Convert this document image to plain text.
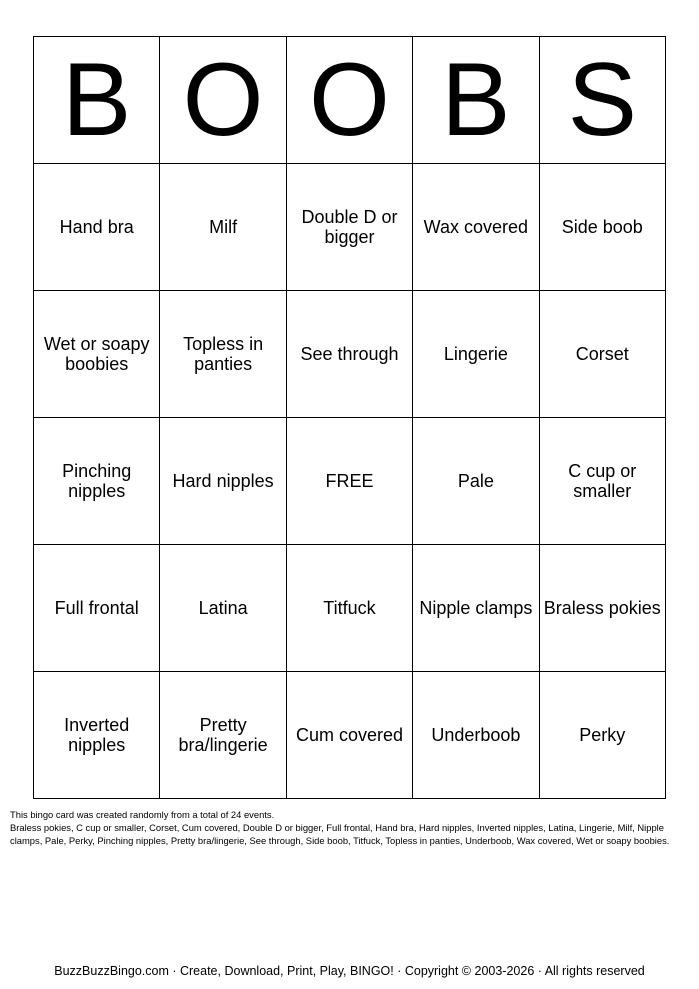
B	O	O	B	S
Hand bra	Milf	Double D or bigger	Wax covered	Side boob
Wet or soapy boobies	Topless in panties	See through	Lingerie	Corset
Pinching nipples	Hard nipples	FREE	Pale	C cup or smaller
Full frontal	Latina	Titfuck	Nipple clamps	Braless pokies
Inverted nipples	Pretty bra/lingerie	Cum covered	Underboob	Perky

This bingo card was created randomly from a total of 24 events.

Braless pokies, C cup or smaller, Corset, Cum covered, Double D or bigger, Full frontal, Hand bra, Hard nipples, Inverted nipples, Latina, Lingerie, Milf, Nipple clamps, Pale, Perky, Pinching nipples, Pretty bra/lingerie, See through, Side boob, Titfuck, Topless in panties, Underboob, Wax covered, Wet or soapy boobies.

BuzzBuzzBingo.com · Create, Download, Print, Play, BINGO! · Copyright © 2003-2026 · All rights reserved
